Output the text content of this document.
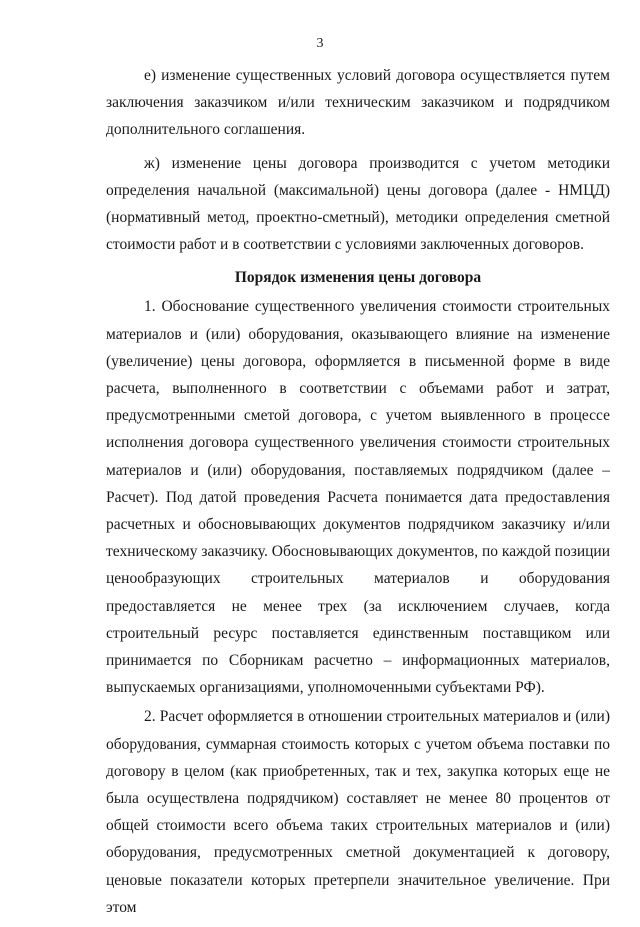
3

е) изменение существенных условий договора осуществляется путем заключения заказчиком и/или техническим заказчиком и подрядчиком дополнительного соглашения.

ж) изменение цены договора производится с учетом методики определения начальной (максимальной) цены договора (далее - НМЦД) (нормативный метод, проектно-сметный), методики определения сметной стоимости работ и в соответствии с условиями заключенных договоров.

Порядок изменения цены договора

1. Обоснование существенного увеличения стоимости строительных материалов и (или) оборудования, оказывающего влияние на изменение (увеличение) цены договора, оформляется в письменной форме в виде расчета, выполненного в соответствии с объемами работ и затрат, предусмотренными сметой договора, с учетом выявленного в процессе исполнения договора существенного увеличения стоимости строительных материалов и (или) оборудования, поставляемых подрядчиком (далее – Расчет). Под датой проведения Расчета понимается дата предоставления расчетных и обосновывающих документов подрядчиком заказчику и/или техническому заказчику. Обосновывающих документов, по каждой позиции ценообразующих строительных материалов и оборудования предоставляется не менее трех (за исключением случаев, когда строительный ресурс поставляется единственным поставщиком или принимается по Сборникам расчетно – информационных материалов, выпускаемых организациями, уполномоченными субъектами РФ).

2. Расчет оформляется в отношении строительных материалов и (или) оборудования, суммарная стоимость которых с учетом объема поставки по договору в целом (как приобретенных, так и тех, закупка которых еще не была осуществлена подрядчиком) составляет не менее 80 процентов от общей стоимости всего объема таких строительных материалов и (или) оборудования, предусмотренных сметной документацией к договору, ценовые показатели которых претерпели значительное увеличение. При этом
